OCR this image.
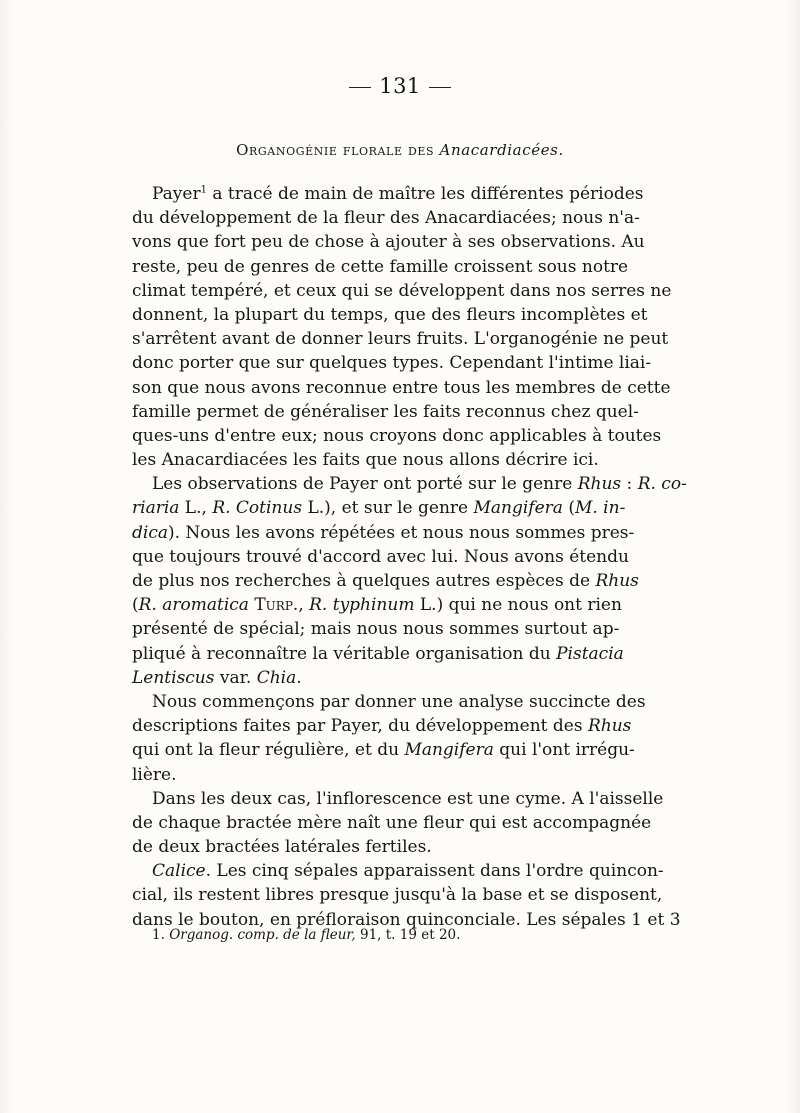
131
Organogénie florale des Anacardiacées.
Payer$^1$ a tracé de main de maître les différentes périodes
du développement de la fleur des Anacardiacées; nous n'a-
vons que fort peu de chose à ajouter à ses observations. Au
reste, peu de genres de cette famille croissent sous notre
climat tempéré, et ceux qui se développent dans nos serres ne
donnent, la plupart du temps, que des fleurs incomplètes et
s'arrêtent avant de donner leurs fruits. L'organogénie ne peut
donc porter que sur quelques types. Cependant l'intime liai-
son que nous avons reconnue entre tous les membres de cette
famille permet de généraliser les faits reconnus chez quel-
ques-uns d'entre eux; nous croyons donc applicables à toutes
les Anacardiacées les faits que nous allons décrire ici.
Les observations de Payer ont porté sur le genre Rhus : R. co-
riaria L., R. Cotinus L.), et sur le genre Mangifera (M. in-
dica). Nous les avons répétées et nous nous sommes pres-
que toujours trouvé d'accord avec lui. Nous avons étendu
de plus nos recherches à quelques autres espèces de Rhus
(R. aromatica Turp., R. typhinum L.) qui ne nous ont rien
présenté de spécial; mais nous nous sommes surtout ap-
pliqué à reconnaître la véritable organisation du Pistacia
Lentiscus var. Chia.
Nous commençons par donner une analyse succincte des
descriptions faites par Payer, du développement des Rhus
qui ont la fleur régulière, et du Mangifera qui l'ont irrégu-
lière.
Dans les deux cas, l'inflorescence est une cyme. A l'aisselle
de chaque bractée mère naît une fleur qui est accompagnée
de deux bractées latérales fertiles.
Calice. Les cinq sépales apparaissent dans l'ordre quincon-
cial, ils restent libres presque jusqu'à la base et se disposent,
dans le bouton, en préfloraison quinconciale. Les sépales 1 et 3
1. Organog. comp. de la fleur, 91, t. 19 et 20.
